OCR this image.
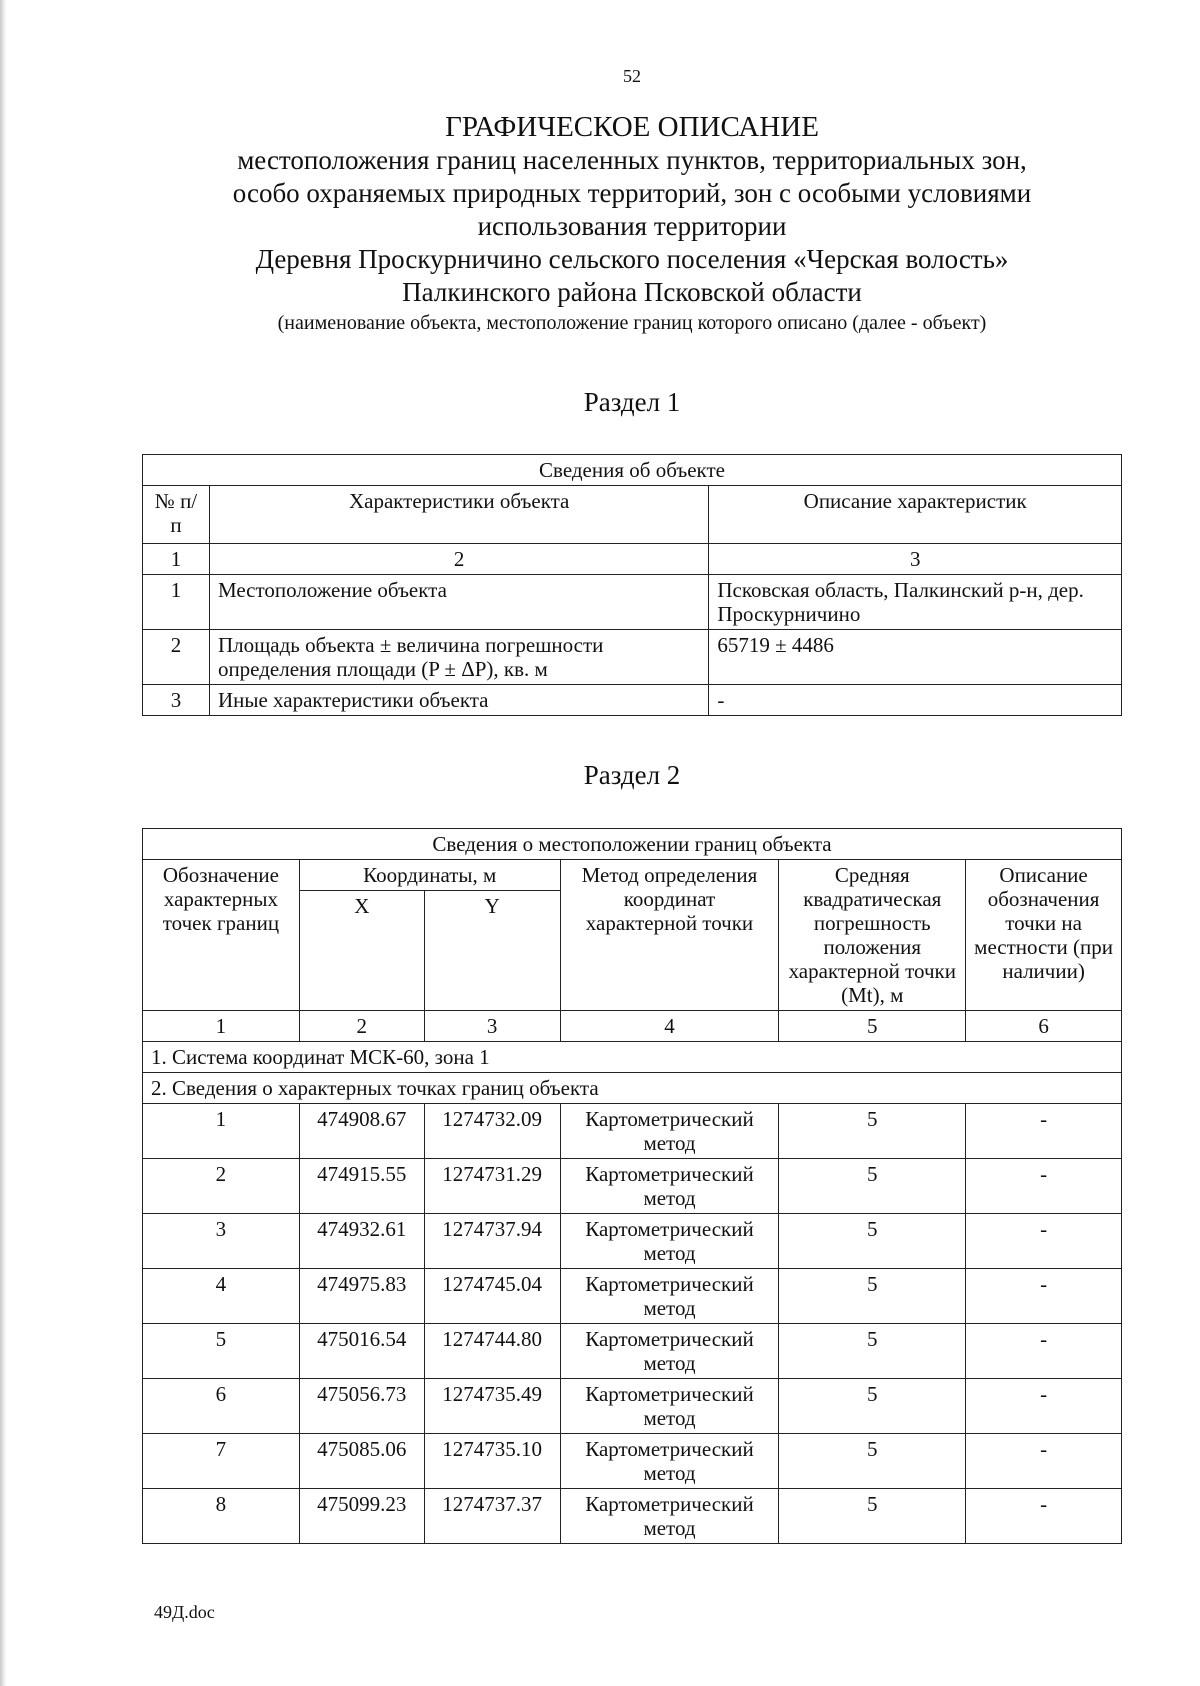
52
ГРАФИЧЕСКОЕ ОПИСАНИЕ
местоположения границ населенных пунктов, территориальных зон,
особо охраняемых природных территорий, зон с особыми условиями
использования территории
Деревня Проскурничино сельского поселения «Черская волость»
Палкинского района Псковской области
(наименование объекта, местоположение границ которого описано (далее - объект)
Раздел 1
Сведения об объекте		
№ п/п	Характеристики объекта	Описание характеристик
1	2	3
1	Местоположение объекта	Псковская область, Палкинский р-н, дер. Проскурничино
2	Площадь объекта ± величина погрешности определения площади (P ± ΔP), кв. м	65719 ± 4486
3	Иные характеристики объекта	-
Раздел 2
Сведения о местоположении границ объекта					
Обозначение характерных точек границ	Координаты, м		Метод определения координат характерной точки	Средняя квадратическая погрешность положения характерной точки (Mt), м	Описание обозначения точки на местности (при наличии)
	X	Y			
1	2	3	4	5	6
1. Система координат МСК-60, зона 1					
2. Сведения о характерных точках границ объекта					
1	474908.67	1274732.09	Картометрический метод	5	-
2	474915.55	1274731.29	Картометрический метод	5	-
3	474932.61	1274737.94	Картометрический метод	5	-
4	474975.83	1274745.04	Картометрический метод	5	-
5	475016.54	1274744.80	Картометрический метод	5	-
6	475056.73	1274735.49	Картометрический метод	5	-
7	475085.06	1274735.10	Картометрический метод	5	-
8	475099.23	1274737.37	Картометрический метод	5	-
49Д.doc
